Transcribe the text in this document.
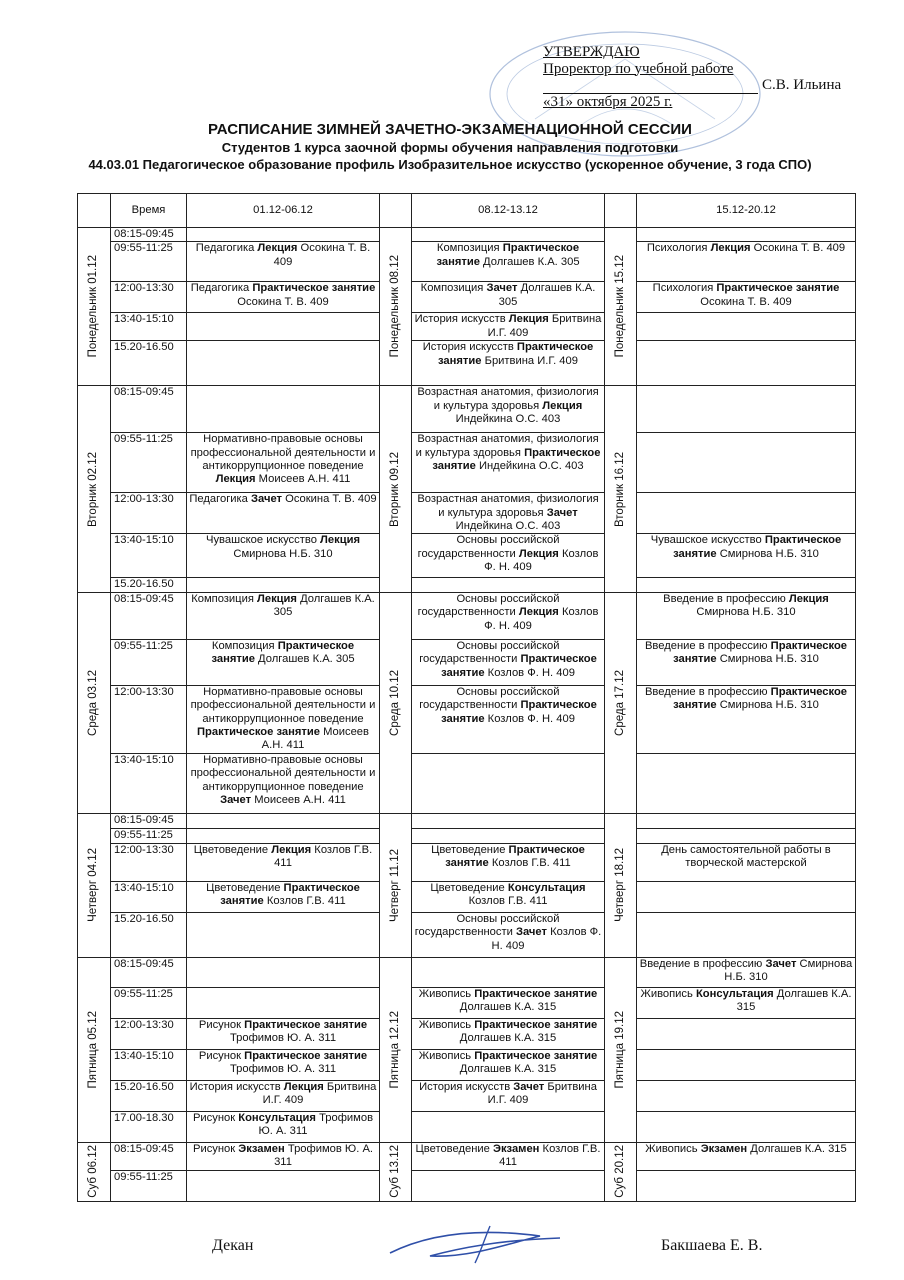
УТВЕРЖДАЮ
Проректор по учебной работе
С.В. Ильина
«31» октября 2025 г.
РАСПИСАНИЕ ЗИМНЕЙ ЗАЧЕТНО-ЭКЗАМЕНАЦИОННОЙ СЕССИИ
Студентов 1 курса заочной формы обучения направления подготовки
44.03.01 Педагогическое образование профиль Изобразительное искусство (ускоренное обучение, 3 года СПО)
	Время	01.12-06.12		08.12-13.12		15.12-20.12

Понедельник 01.12	08:15-09:45		Понедельник 08.12		Понедельник 15.12	

	09:55-11:25	Педагогика Лекция Осокина Т. В. 409		Композиция Практическое занятие Долгашев К.А. 305		Психология Лекция Осокина Т. В. 409
	12:00-13:30	Педагогика Практическое занятие Осокина Т. В. 409		Композиция Зачет Долгашев К.А. 305		Психология Практическое занятие Осокина Т. В. 409
	13:40-15:10			История искусств Лекция Бритвина И.Г. 409		
	15.20-16.50			История искусств Практическое занятие Бритвина И.Г. 409		

Вторник 02.12	08:15-09:45		Вторник 09.12	Возрастная анатомия, физиология и культура здоровья Лекция Индейкина О.С. 403	Вторник 16.12	

	09:55-11:25	Нормативно-правовые основы профессиональной деятельности и антикоррупционное поведение Лекция Моисеев А.Н. 411		Возрастная анатомия, физиология и культура здоровья Практическое занятие Индейкина О.С. 403		
	12:00-13:30	Педагогика Зачет Осокина Т. В. 409		Возрастная анатомия, физиология и культура здоровья Зачет Индейкина О.С. 403		
	13:40-15:10	Чувашское искусство Лекция Смирнова Н.Б. 310		Основы российской государственности Лекция Козлов Ф. Н. 409		Чувашское искусство Практическое занятие Смирнова Н.Б. 310
	15.20-16.50					

Среда 03.12	08:15-09:45	Композиция Лекция Долгашев К.А. 305	Среда 10.12	Основы российской государственности Лекция Козлов Ф. Н. 409	Среда 17.12	Введение в профессию Лекция Смирнова Н.Б. 310
	09:55-11:25	Композиция Практическое занятие Долгашев К.А. 305		Основы российской государственности Практическое занятие Козлов Ф. Н. 409		Введение в профессию Практическое занятие Смирнова Н.Б. 310
	12:00-13:30	Нормативно-правовые основы профессиональной деятельности и антикоррупционное поведение Практическое занятие Моисеев А.Н. 411		Основы российской государственности Практическое занятие Козлов Ф. Н. 409		Введение в профессию Практическое занятие Смирнова Н.Б. 310
	13:40-15:10	Нормативно-правовые основы профессиональной деятельности и антикоррупционное поведение Зачет Моисеев А.Н. 411				

Четверг 04.12	08:15-09:45		Четверг 11.12		Четверг 18.12	

	09:55-11:25					
	12:00-13:30	Цветоведение Лекция Козлов Г.В. 411		Цветоведение Практическое занятие Козлов Г.В. 411		День самостоятельной работы в творческой мастерской
	13:40-15:10	Цветоведение Практическое занятие Козлов Г.В. 411		Цветоведение Консультация Козлов Г.В. 411		
	15.20-16.50			Основы российской государственности Зачет Козлов Ф. Н. 409		

Пятница 05.12	08:15-09:45		Пятница 12.12		Пятница 19.12	Введение в профессию Зачет Смирнова Н.Б. 310
	09:55-11:25			Живопись Практическое занятие Долгашев К.А. 315		Живопись Консультация Долгашев К.А. 315
	12:00-13:30	Рисунок Практическое занятие Трофимов Ю. А. 311		Живопись Практическое занятие Долгашев К.А. 315		
	13:40-15:10	Рисунок Практическое занятие Трофимов Ю. А. 311		Живопись Практическое занятие Долгашев К.А. 315		
	15.20-16.50	История искусств Лекция Бритвина И.Г. 409		История искусств Зачет Бритвина И.Г. 409		
	17.00-18.30	Рисунок Консультация Трофимов Ю. А. 311				

Суб 06.12	08:15-09:45	Рисунок Экзамен Трофимов Ю. А. 311	Суб 13.12	Цветоведение Экзамен Козлов Г.В. 411	Суб 20.12	Живопись Экзамен Долгашев К.А. 315
	09:55-11:25					
Декан	Бакшаева Е. В.
